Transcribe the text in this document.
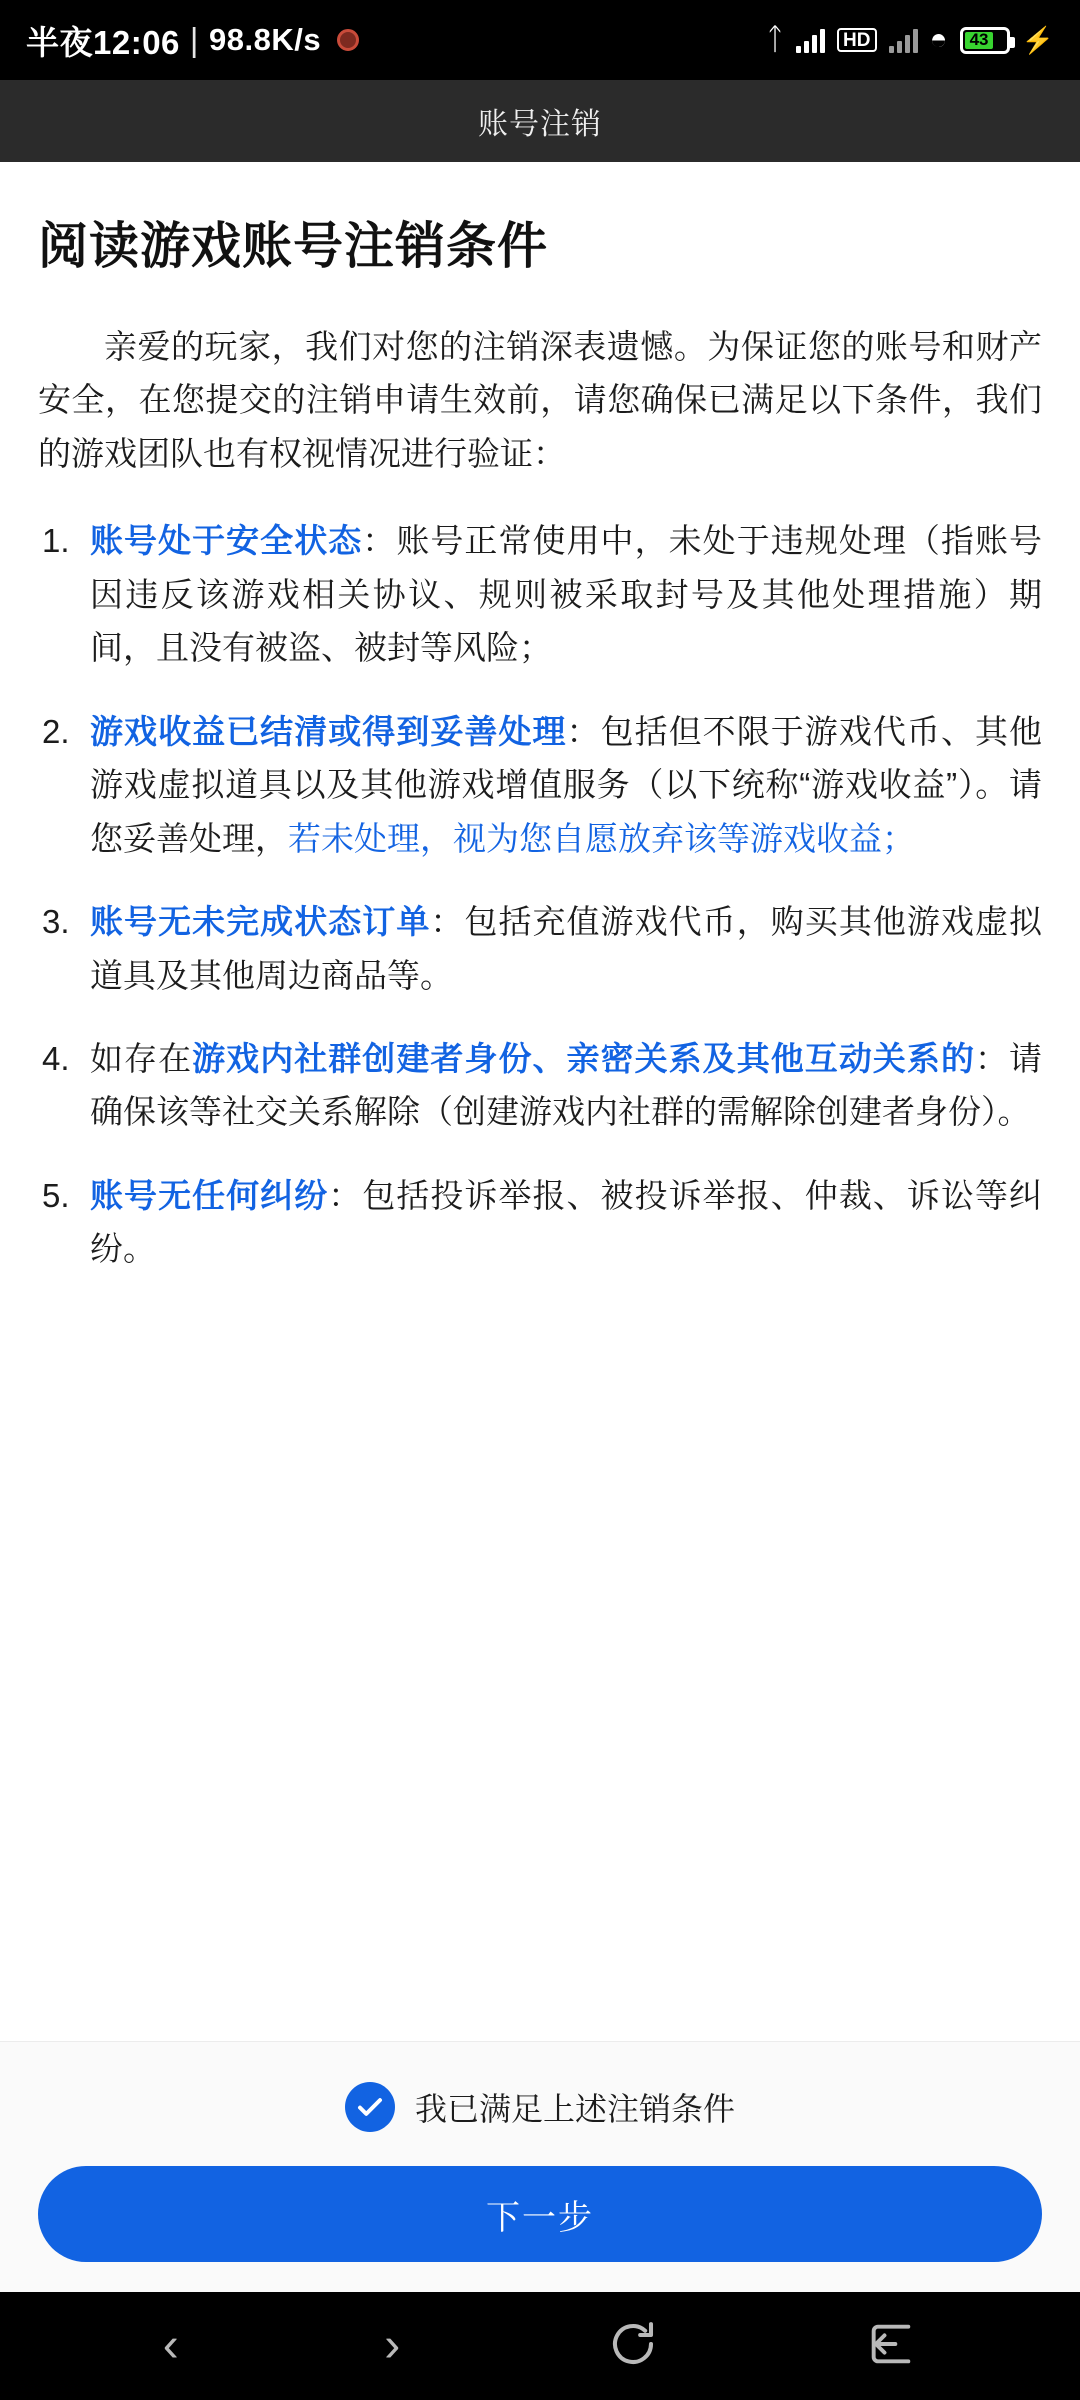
半夜12:06 | 98.8K/s	ᛏ	HD ◓ 43 ⚡
账号注销
阅读游戏账号注销条件

亲爱的玩家，我们对您的注销深表遗憾。为保证您的账号和财产安全，在您提交的注销申请生效前，请您确保已满足以下条件，我们的游戏团队也有权视情况进行验证：

账号处于安全状态：账号正常使用中，未处于违规处理（指账号因违反该游戏相关协议、规则被采取封号及其他处理措施）期间，且没有被盗、被封等风险；
游戏收益已结清或得到妥善处理：包括但不限于游戏代币、其他游戏虚拟道具以及其他游戏增值服务（以下统称“游戏收益”）。请您妥善处理，若未处理，视为您自愿放弃该等游戏收益；
账号无未完成状态订单：包括充值游戏代币，购买其他游戏虚拟道具及其他周边商品等。
如存在游戏内社群创建者身份、亲密关系及其他互动关系的：请确保该等社交关系解除（创建游戏内社群的需解除创建者身份）。
账号无任何纠纷：包括投诉举报、被投诉举报、仲裁、诉讼等纠纷。
我已满足上述注销条件
下一步
‹	›
